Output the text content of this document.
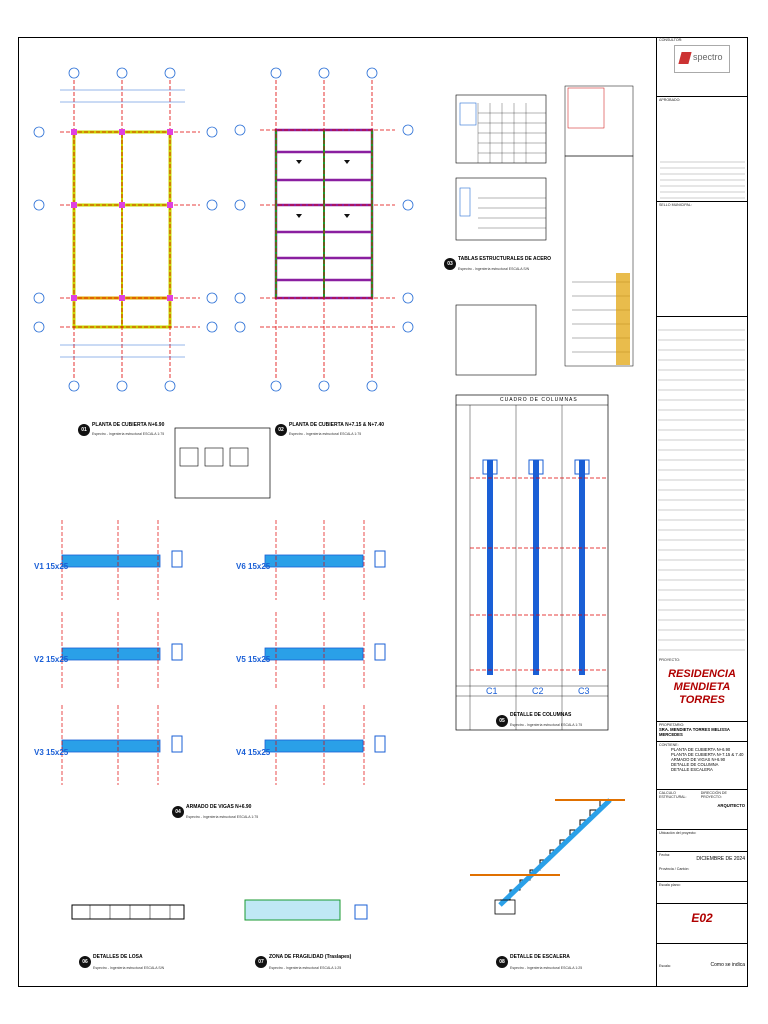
01
PLANTA DE CUBIERTA N+6.90
Espectro - Ingeniería estructural ESCALA 1:75
02
PLANTA DE CUBIERTA N+7.15 & N+7.40
Espectro - Ingeniería estructural ESCALA 1:75
03
TABLAS ESTRUCTURALES DE ACERO
Espectro - Ingeniería estructural ESCALA S/N
04
ARMADO DE VIGAS N+6.90
Espectro - Ingeniería estructural ESCALA 1:75
05
DETALLE DE COLUMNAS
Espectro - Ingeniería estructural ESCALA 1:75
06
DETALLES DE LOSA
Espectro - Ingeniería estructural ESCALA S/N
07
ZONA DE FRAGILIDAD (Traslapes)
Espectro - Ingeniería estructural ESCALA 1:25
08
DETALLE DE ESCALERA
Espectro - Ingeniería estructural ESCALA 1:25
V1 15x25
V2 15x25
V3 15x25
V6 15x25
V5 15x25
V4 15x25
CUADRO DE COLUMNAS
C1	C2	C3
CONSULTOR:
spectro
APROBADO:
SELLO MUNICIPAL:
PROYECTO:
RESIDENCIA
MENDIETA TORRES
PROPIETARIO:
SRA. MENDIETA TORRES MELISSA MERCEDES
CONTIENE:
PLANTA DE CUBIERTA N+6.90
PLANTA DE CUBIERTA N+7.15 & 7.40
ARMADO DE VIGAS N+6.90
DETALLE DE COLUMNA
DETALLE ESCALERA
CALCULO ESTRUCTURAL:
DIRECCIÓN DE PROYECTO:
ARQUITECTO
Ubicación del proyecto:
Fecha:
DICIEMBRE DE 2024
Provincia / Cantón:
Escala plano:
E02
Escala:	Como se indica
